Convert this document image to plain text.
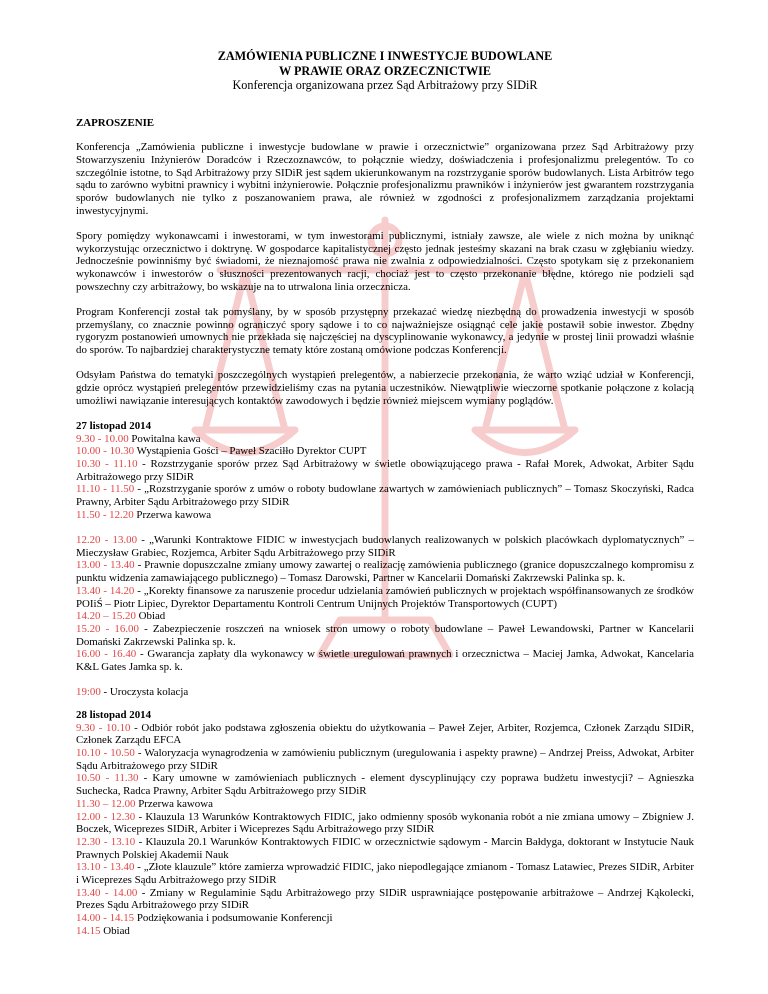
ZAMÓWIENIA PUBLICZNE I INWESTYCJE BUDOWLANE
W PRAWIE ORAZ ORZECZNICTWIE
Konferencja organizowana przez Sąd Arbitrażowy przy SIDiR
ZAPROSZENIE

Konferencja „Zamówienia publiczne i inwestycje budowlane w prawie i orzecznictwie” organizowana przez Sąd Arbitrażowy przy Stowarzyszeniu Inżynierów Doradców i Rzeczoznawców, to połącznie wiedzy, doświadczenia i profesjonalizmu prelegentów. To co szczególnie istotne, to Sąd Arbitrażowy przy SIDiR jest sądem ukierunkowanym na rozstrzyganie sporów budowlanych. Lista Arbitrów tego sądu to zarówno wybitni prawnicy i wybitni inżynierowie. Połącznie profesjonalizmu prawników i inżynierów jest gwarantem rozstrzygania sporów budowlanych nie tylko z poszanowaniem prawa, ale również w zgodności z profesjonalizmem zarządzania projektami inwestycyjnymi.

Spory pomiędzy wykonawcami i inwestorami, w tym inwestorami publicznymi, istniały zawsze, ale wiele z nich można by uniknąć wykorzystując orzecznictwo i doktrynę. W gospodarce kapitalistycznej często jednak jesteśmy skazani na brak czasu w zgłębianiu wiedzy. Jednocześnie powinniśmy być świadomi, że nieznajomość prawa nie zwalnia z odpowiedzialności. Często spotykam się z przekonaniem wykonawców i inwestorów o słuszności prezentowanych racji, chociaż jest to często przekonanie błędne, którego nie podzieli sąd powszechny czy arbitrażowy, bo wskazuje na to utrwalona linia orzecznicza.

Program Konferencji został tak pomyślany, by w sposób przystępny przekazać wiedzę niezbędną do prowadzenia inwestycji w sposób przemyślany, co znacznie powinno ograniczyć spory sądowe i to co najważniejsze osiągnąć cele jakie postawił sobie inwestor. Zbędny rygoryzm postanowień umownych nie przekłada się najczęściej na dyscyplinowanie wykonawcy, a jedynie w prostej linii prowadzi właśnie do sporów. To najbardziej charakterystyczne tematy które zostaną omówione podczas Konferencji.

Odsyłam Państwa do tematyki poszczególnych wystąpień prelegentów, a nabierzecie przekonania, że warto wziąć udział w Konferencji, gdzie oprócz wystąpień prelegentów przewidzieliśmy czas na pytania uczestników. Niewątpliwie wieczorne spotkanie połączone z kolacją umożliwi nawiązanie interesujących kontaktów zawodowych i będzie również miejscem wymiany poglądów.

27 listopad 2014
9.30 - 10.00 Powitalna kawa
10.00 - 10.30 Wystąpienia Gości – Paweł Szaciłło Dyrektor CUPT
10.30 - 11.10 - Rozstrzyganie sporów przez Sąd Arbitrażowy w świetle obowiązującego prawa - Rafał Morek, Adwokat, Arbiter Sądu Arbitrażowego przy SIDiR
11.10 - 11.50 - „Rozstrzyganie sporów z umów o roboty budowlane zawartych w zamówieniach publicznych” – Tomasz Skoczyński, Radca Prawny, Arbiter Sądu Arbitrażowego przy SIDiR
11.50 - 12.20 Przerwa kawowa
12.20 - 13.00 - „Warunki Kontraktowe FIDIC w inwestycjach budowlanych realizowanych w polskich placówkach dyplomatycznych” – Mieczysław Grabiec, Rozjemca, Arbiter Sądu Arbitrażowego przy SIDiR
13.00 - 13.40 - Prawnie dopuszczalne zmiany umowy zawartej o realizację zamówienia publicznego (granice dopuszczalnego kompromisu z punktu widzenia zamawiającego publicznego) – Tomasz Darowski, Partner w Kancelarii Domański Zakrzewski Palinka sp. k.
13.40 - 14.20 - „Korekty finansowe za naruszenie procedur udzielania zamówień publicznych w projektach współfinansowanych ze środków POIiŚ – Piotr Lipiec, Dyrektor Departamentu Kontroli Centrum Unijnych Projektów Transportowych (CUPT)
14.20 – 15.20 Obiad
15.20 - 16.00 - Zabezpieczenie roszczeń na wniosek stron umowy o roboty budowlane – Paweł Lewandowski, Partner w Kancelarii Domański Zakrzewski Palinka sp. k.
16.00 - 16.40 - Gwarancja zapłaty dla wykonawcy w świetle uregulowań prawnych i orzecznictwa – Maciej Jamka, Adwokat, Kancelaria K&L Gates Jamka sp. k.
19:00 - Uroczysta kolacja
28 listopad 2014
9.30 - 10.10 - Odbiór robót jako podstawa zgłoszenia obiektu do użytkowania – Paweł Zejer, Arbiter, Rozjemca, Członek Zarządu SIDiR, Członek Zarządu EFCA
10.10 - 10.50 - Waloryzacja wynagrodzenia w zamówieniu publicznym (uregulowania i aspekty prawne) – Andrzej Preiss, Adwokat, Arbiter Sądu Arbitrażowego przy SIDiR
10.50 - 11.30 - Kary umowne w zamówieniach publicznych - element dyscyplinujący czy poprawa budżetu inwestycji? – Agnieszka Suchecka, Radca Prawny, Arbiter Sądu Arbitrażowego przy SIDiR
11.30 – 12.00 Przerwa kawowa
12.00 - 12.30 - Klauzula 13 Warunków Kontraktowych FIDIC, jako odmienny sposób wykonania robót a nie zmiana umowy – Zbigniew J. Boczek, Wiceprezes SIDiR, Arbiter i Wiceprezes Sądu Arbitrażowego przy SIDiR
12.30 - 13.10 - Klauzula 20.1 Warunków Kontraktowych FIDIC w orzecznictwie sądowym - Marcin Bałdyga, doktorant w Instytucie Nauk Prawnych Polskiej Akademii Nauk
13.10 - 13.40 - „Złote klauzule” które zamierza wprowadzić FIDIC, jako niepodlegające zmianom - Tomasz Latawiec, Prezes SIDiR, Arbiter i Wiceprezes Sądu Arbitrażowego przy SIDiR
13.40 - 14.00 - Zmiany w Regulaminie Sądu Arbitrażowego przy SIDiR usprawniające postępowanie arbitrażowe – Andrzej Kąkolecki, Prezes Sądu Arbitrażowego przy SIDiR
14.00 - 14.15 Podziękowania i podsumowanie Konferencji
14.15 Obiad
